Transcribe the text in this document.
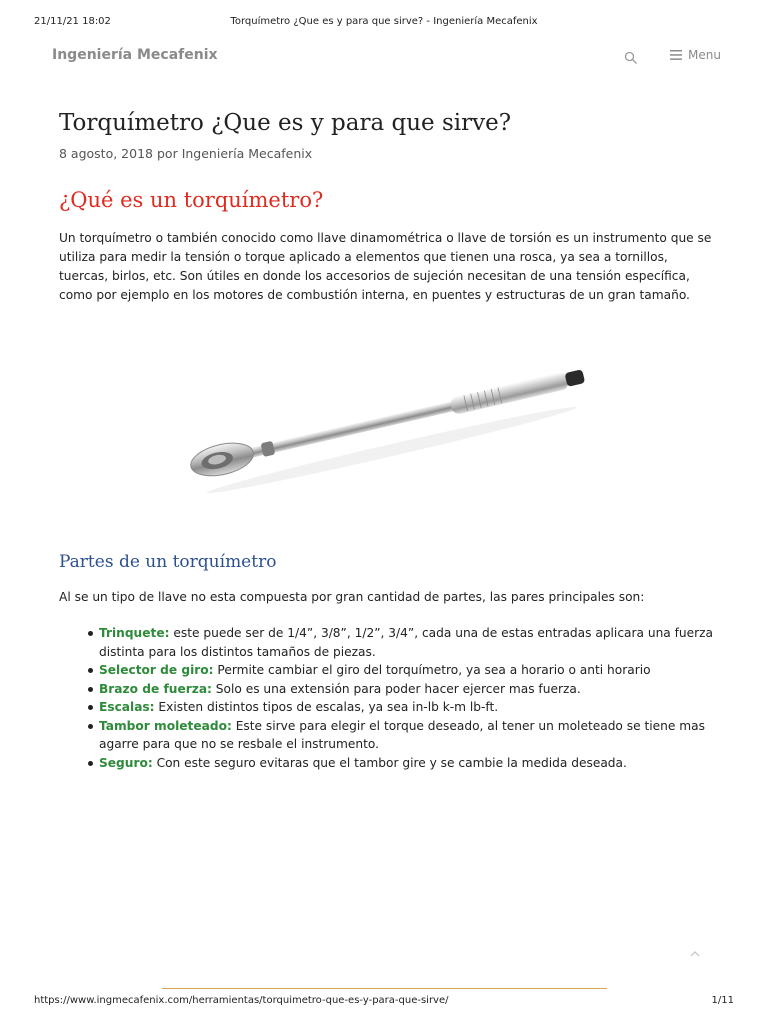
21/11/21 18:02	Torquímetro ¿Que es y para que sirve? - Ingeniería Mecafenix
Ingeniería Mecafenix	Menu
Torquímetro ¿Que es y para que sirve?
8 agosto, 2018 por Ingeniería Mecafenix
¿Qué es un torquímetro?

Un torquímetro o también conocido como llave dinamométrica o llave de torsión es un instrumento que se utiliza para medir la tensión o torque aplicado a elementos que tienen una rosca, ya sea a tornillos, tuercas, birlos, etc. Son útiles en donde los accesorios de sujeción necesitan de una tensión específica, como por ejemplo en los motores de combustión interna, en puentes y estructuras de un gran tamaño.

Partes de un torquímetro

Al se un tipo de llave no esta compuesta por gran cantidad de partes, las pares principales son:

Trinquete: este puede ser de 1/4”, 3/8”, 1/2”, 3/4”, cada una de estas entradas aplicara una fuerza distinta para los distintos tamaños de piezas.
Selector de giro: Permite cambiar el giro del torquímetro, ya sea a horario o anti horario
Brazo de fuerza: Solo es una extensión para poder hacer ejercer mas fuerza.
Escalas: Existen distintos tipos de escalas, ya sea in-lb k-m lb-ft.
Tambor moleteado: Este sirve para elegir el torque deseado, al tener un moleteado se tiene mas agarre para que no se resbale el instrumento.
Seguro: Con este seguro evitaras que el tambor gire y se cambie la medida deseada.
https://www.ingmecafenix.com/herramientas/torquimetro-que-es-y-para-que-sirve/	1/11
